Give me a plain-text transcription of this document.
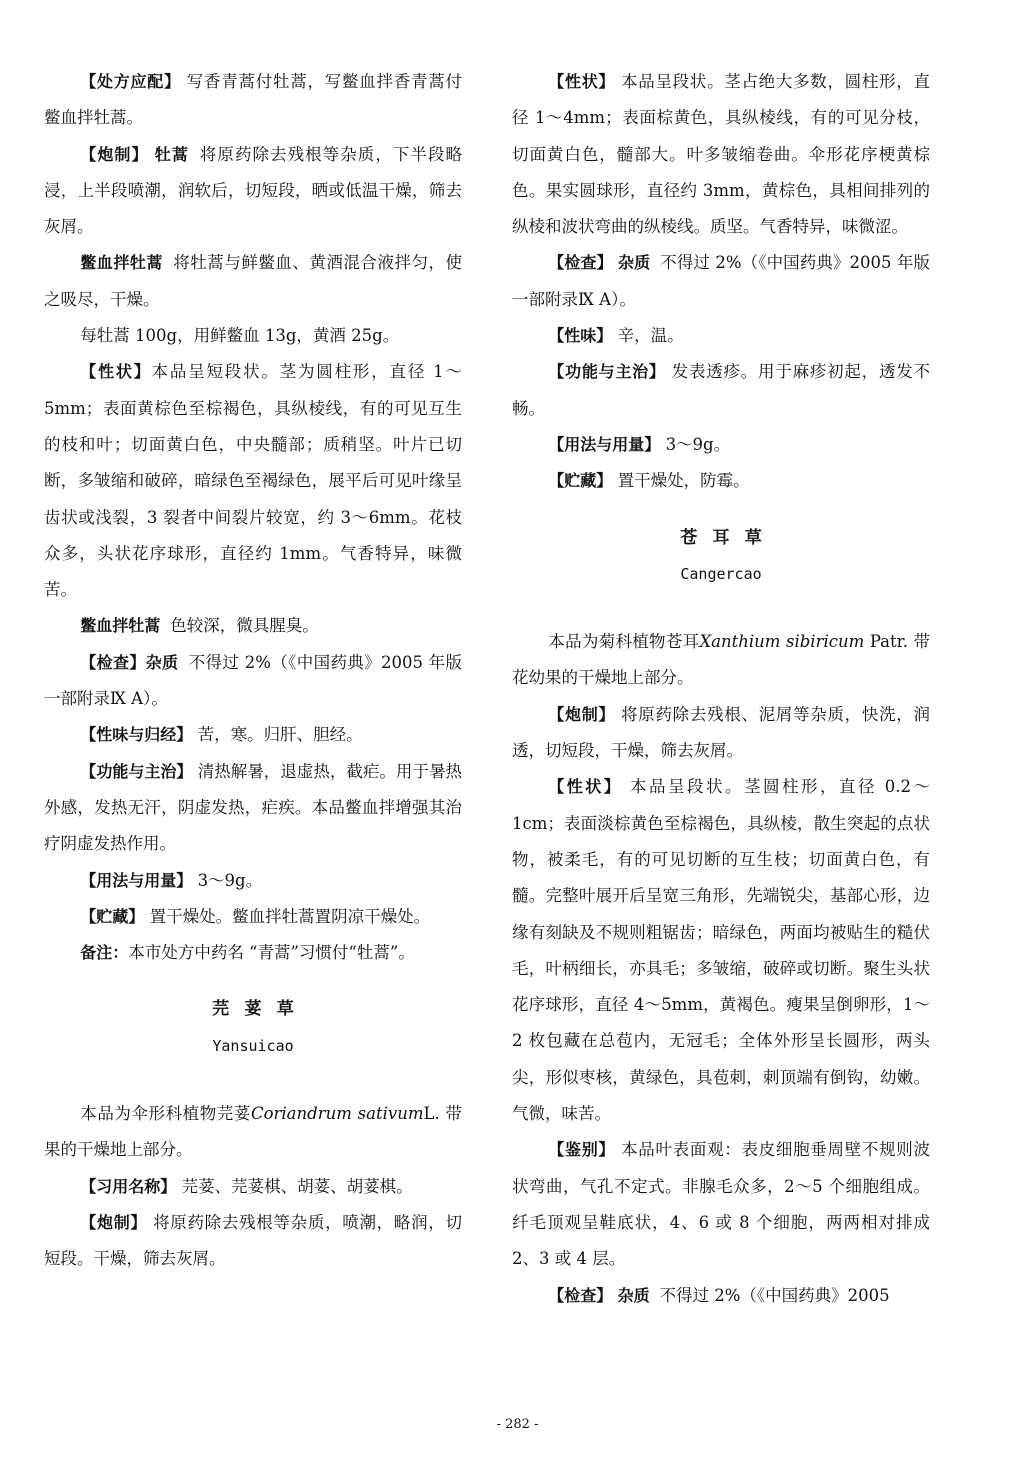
【处方应配】 写香青蒿付牡蒿，写鳖血拌香青蒿付鳖血拌牡蒿。

【炮制】 牡蒿 将原药除去残根等杂质，下半段略浸，上半段喷潮，润软后，切短段，晒或低温干燥，筛去灰屑。

鳖血拌牡蒿 将牡蒿与鲜鳖血、黄酒混合液拌匀，使之吸尽，干燥。

每牡蒿 100g，用鲜鳖血 13g，黄酒 25g。

【性状】本品呈短段状。茎为圆柱形，直径 1～5mm；表面黄棕色至棕褐色，具纵棱线，有的可见互生的枝和叶；切面黄白色，中央髓部；质稍坚。叶片已切断，多皱缩和破碎，暗绿色至褐绿色，展平后可见叶缘呈齿状或浅裂，3 裂者中间裂片较宽，约 3～6mm。花枝众多，头状花序球形，直径约 1mm。气香特异，味微苦。

鳖血拌牡蒿 色较深，微具腥臭。

【检查】杂质 不得过 2%（《中国药典》2005 年版一部附录Ⅸ A）。

【性味与归经】 苦，寒。归肝、胆经。

【功能与主治】 清热解暑，退虚热，截疟。用于暑热外感，发热无汗，阴虚发热，疟疾。本品鳖血拌增强其治疗阴虚发热作用。

【用法与用量】 3～9g。

【贮藏】 置干燥处。鳖血拌牡蒿置阴凉干燥处。

备注：本市处方中药名 “青蒿”习惯付“牡蒿”。

芫荽草

Yansuicao

本品为伞形科植物芫荽Coriandrum sativumL. 带果的干燥地上部分。

【习用名称】 芫荽、芫荽棋、胡荽、胡荽棋。

【炮制】 将原药除去残根等杂质，喷潮，略润，切短段。干燥，筛去灰屑。

【性状】 本品呈段状。茎占绝大多数，圆柱形，直径 1～4mm；表面棕黄色，具纵棱线，有的可见分枝，切面黄白色，髓部大。叶多皱缩卷曲。伞形花序梗黄棕色。果实圆球形，直径约 3mm，黄棕色，具相间排列的纵棱和波状弯曲的纵棱线。质坚。气香特异，味微涩。

【检查】 杂质 不得过 2%（《中国药典》2005 年版一部附录Ⅸ A）。

【性味】 辛，温。

【功能与主治】 发表透疹。用于麻疹初起，透发不畅。

【用法与用量】 3～9g。

【贮藏】 置干燥处，防霉。

苍耳草

Cangercao

本品为菊科植物苍耳Xanthium sibiricum Patr. 带花幼果的干燥地上部分。

【炮制】 将原药除去残根、泥屑等杂质，快洗，润透，切短段，干燥，筛去灰屑。

【性状】 本品呈段状。茎圆柱形，直径 0.2～1cm；表面淡棕黄色至棕褐色，具纵棱，散生突起的点状物，被柔毛，有的可见切断的互生枝；切面黄白色，有髓。完整叶展开后呈宽三角形，先端锐尖，基部心形，边缘有刻缺及不规则粗锯齿；暗绿色，两面均被贴生的糙伏毛，叶柄细长，亦具毛；多皱缩，破碎或切断。聚生头状花序球形，直径 4～5mm，黄褐色。瘦果呈倒卵形，1～2 枚包藏在总苞内，无冠毛；全体外形呈长圆形，两头尖，形似枣核，黄绿色，具苞刺，刺顶端有倒钩，幼嫩。气微，味苦。

【鉴别】 本品叶表面观：表皮细胞垂周壁不规则波状弯曲，气孔不定式。非腺毛众多，2～5 个细胞组成。纤毛顶观呈鞋底状，4、6 或 8 个细胞，两两相对排成 2、3 或 4 层。

【检查】 杂质 不得过 2%（《中国药典》2005

- 282 -
